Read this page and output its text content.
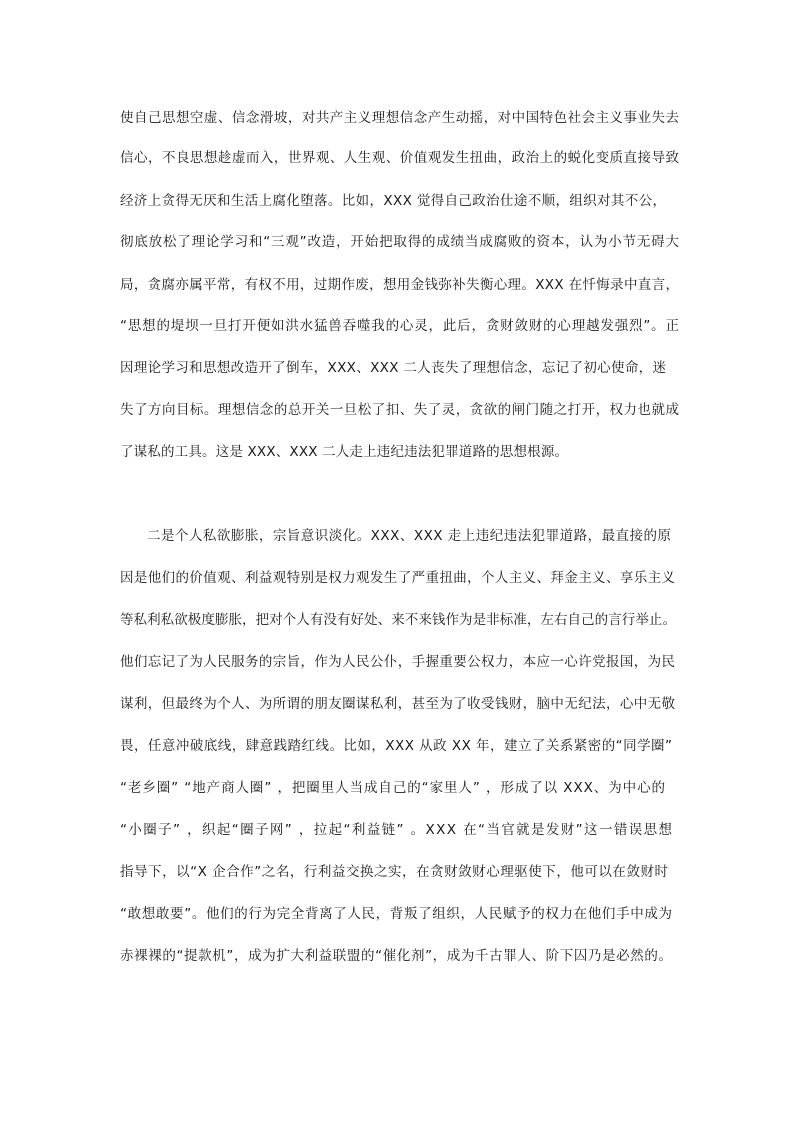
使自己思想空虚、信念滑坡，对共产主义理想信念产生动摇，对中国特色社会主义事业失去
信心，不良思想趁虚而入，世界观、人生观、价值观发生扭曲，政治上的蜕化变质直接导致
经济上贪得无厌和生活上腐化堕落。比如，XXX 觉得自己政治仕途不顺，组织对其不公，
彻底放松了理论学习和“三观”改造，开始把取得的成绩当成腐败的资本，认为小节无碍大
局，贪腐亦属平常，有权不用，过期作废，想用金钱弥补失衡心理。XXX 在忏悔录中直言，
“思想的堤坝一旦打开便如洪水猛兽吞噬我的心灵，此后，贪财敛财的心理越发强烈”。正
因理论学习和思想改造开了倒车，XXX、XXX 二人丧失了理想信念，忘记了初心使命，迷
失了方向目标。理想信念的总开关一旦松了扣、失了灵，贪欲的闸门随之打开，权力也就成
了谋私的工具。这是 XXX、XXX 二人走上违纪违法犯罪道路的思想根源。
二是个人私欲膨胀，宗旨意识淡化。XXX、XXX 走上违纪违法犯罪道路，最直接的原
因是他们的价值观、利益观特别是权力观发生了严重扭曲，个人主义、拜金主义、享乐主义
等私利私欲极度膨胀，把对个人有没有好处、来不来钱作为是非标准，左右自己的言行举止。
他们忘记了为人民服务的宗旨，作为人民公仆，手握重要公权力，本应一心许党报国，为民
谋利，但最终为个人、为所谓的朋友圈谋私利，甚至为了收受钱财，脑中无纪法，心中无敬
畏，任意冲破底线，肆意践踏红线。比如，XXX 从政 XX 年，建立了关系紧密的“同学圈”
“老乡圈” “地产商人圈” ，把圈里人当成自己的“家里人” ，形成了以 XXX、为中心的
“小圈子” ，织起“圈子网” ，拉起“利益链” 。XXX 在“当官就是发财”这一错误思想
指导下，以“X 企合作”之名，行利益交换之实，在贪财敛财心理驱使下，他可以在敛财时
“敢想敢要”。他们的行为完全背离了人民，背叛了组织，人民赋予的权力在他们手中成为
赤裸裸的“提款机”，成为扩大利益联盟的“催化剂”，成为千古罪人、阶下囚乃是必然的。
